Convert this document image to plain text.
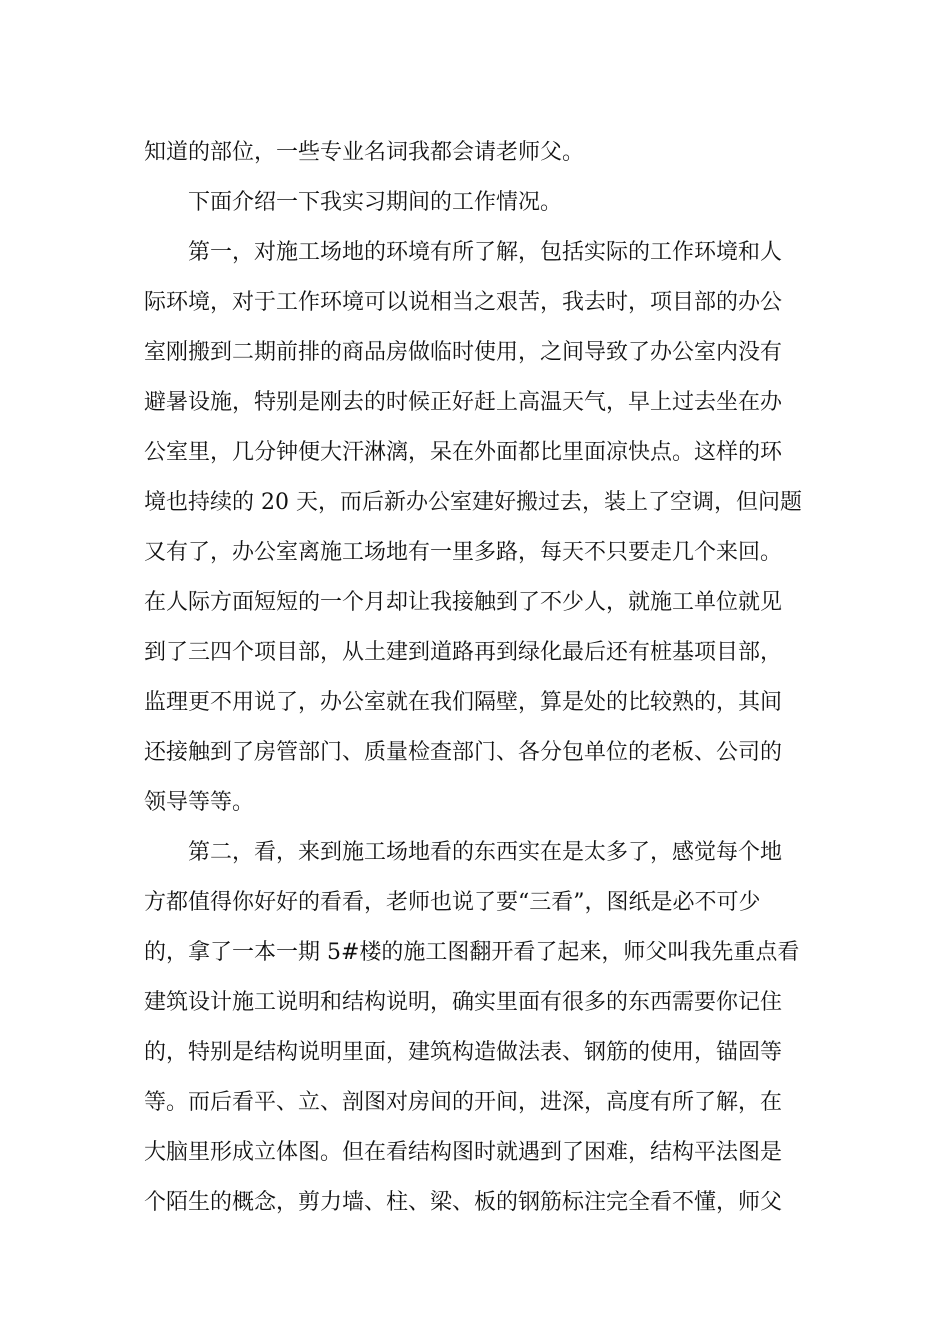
知道的部位，一些专业名词我都会请老师父。
下面介绍一下我实习期间的工作情况。
第一，对施工场地的环境有所了解，包括实际的工作环境和人
际环境，对于工作环境可以说相当之艰苦，我去时，项目部的办公
室刚搬到二期前排的商品房做临时使用，之间导致了办公室内没有
避暑设施，特别是刚去的时候正好赶上高温天气，早上过去坐在办
公室里，几分钟便大汗淋漓，呆在外面都比里面凉快点。这样的环
境也持续的 20 天，而后新办公室建好搬过去，装上了空调，但问题
又有了，办公室离施工场地有一里多路，每天不只要走几个来回。
在人际方面短短的一个月却让我接触到了不少人，就施工单位就见
到了三四个项目部，从土建到道路再到绿化最后还有桩基项目部，
监理更不用说了，办公室就在我们隔壁，算是处的比较熟的，其间
还接触到了房管部门、质量检查部门、各分包单位的老板、公司的
领导等等。
第二，看，来到施工场地看的东西实在是太多了，感觉每个地
方都值得你好好的看看，老师也说了要“三看”，图纸是必不可少
的，拿了一本一期 5#楼的施工图翻开看了起来，师父叫我先重点看
建筑设计施工说明和结构说明，确实里面有很多的东西需要你记住
的，特别是结构说明里面，建筑构造做法表、钢筋的使用，锚固等
等。而后看平、立、剖图对房间的开间，进深，高度有所了解，在
大脑里形成立体图。但在看结构图时就遇到了困难，结构平法图是
个陌生的概念，剪力墙、柱、梁、板的钢筋标注完全看不懂，师父
